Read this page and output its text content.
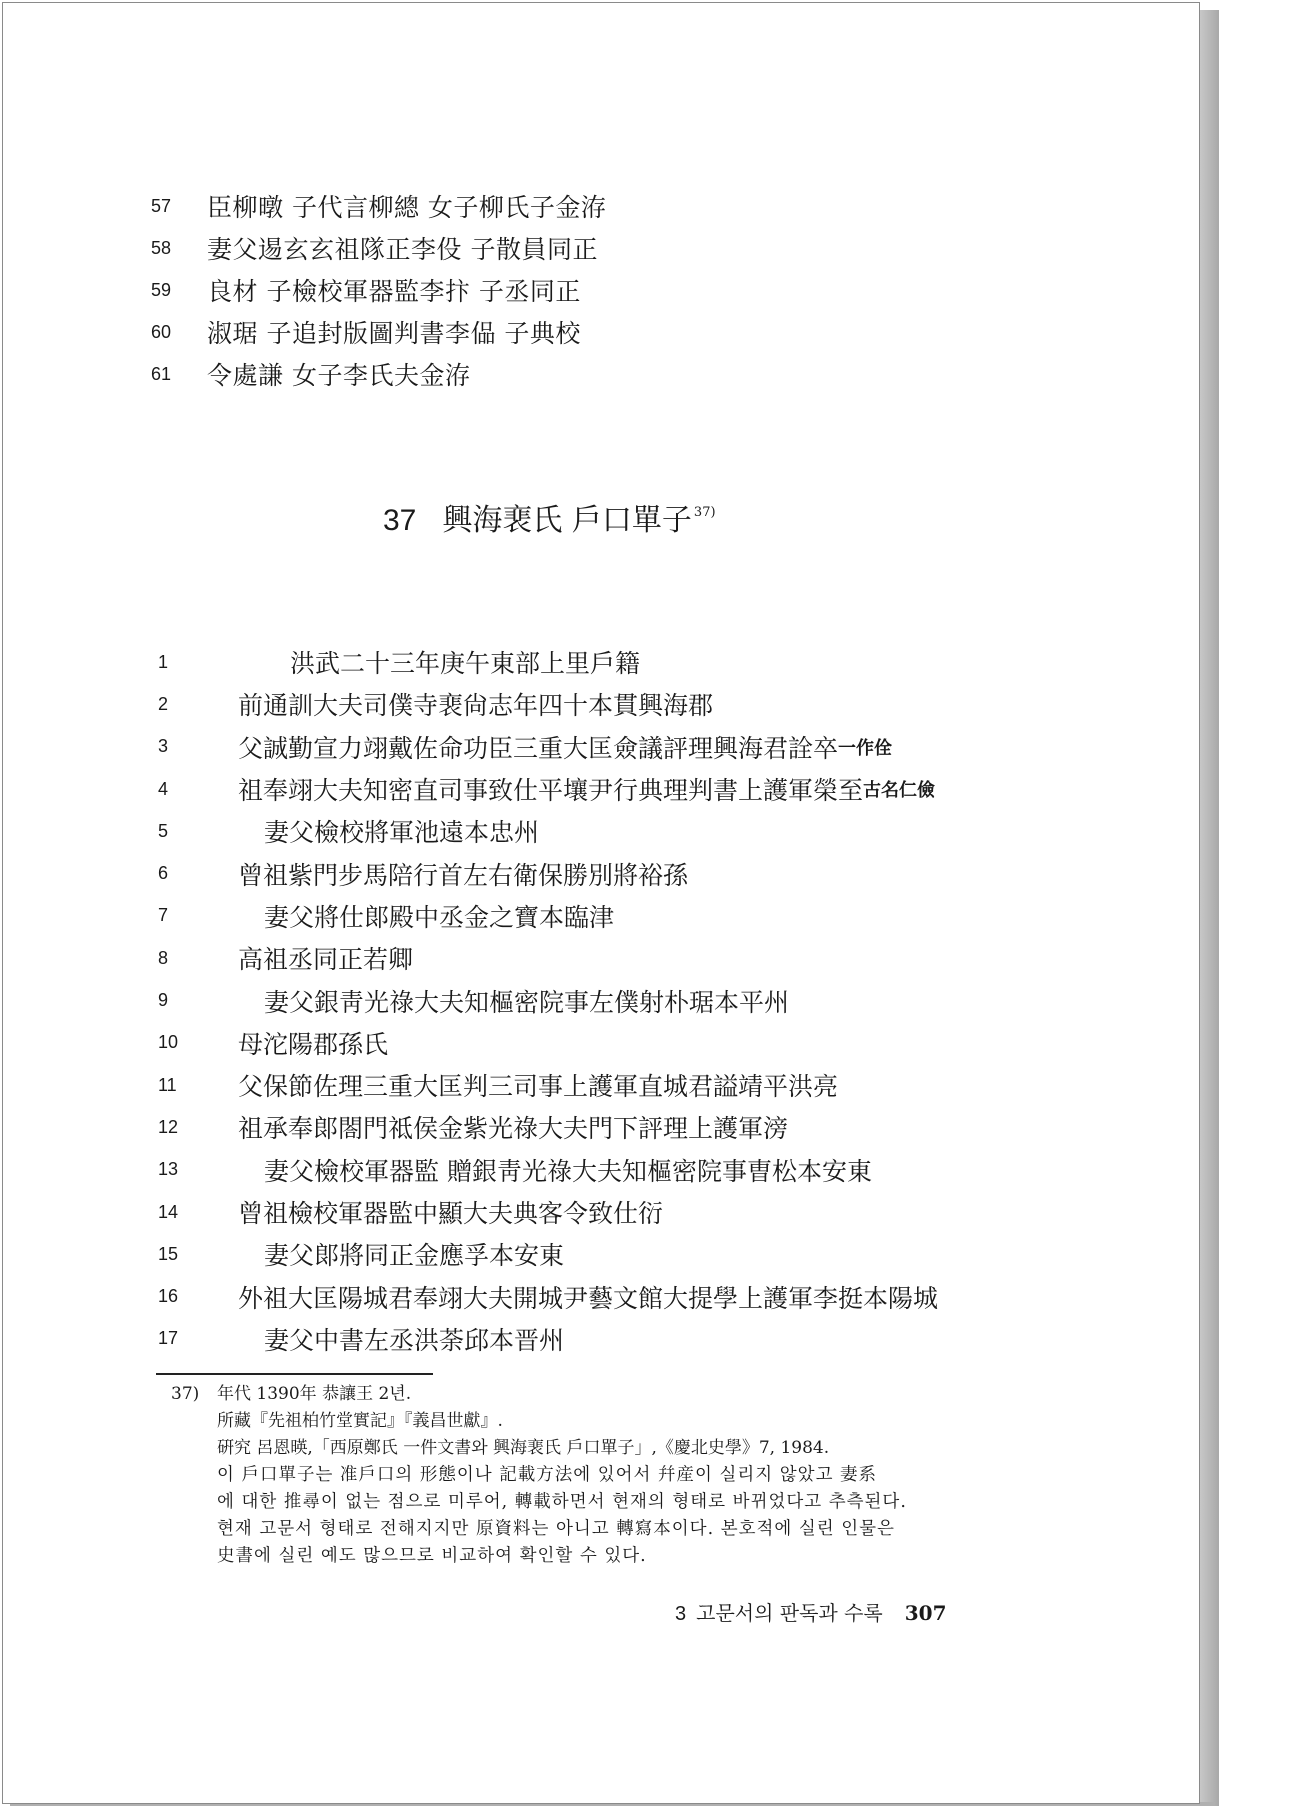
57	臣柳暾 子代言柳總 女子柳氏子金洊
58	妻父逷玄玄祖隊正李伇 子散員同正
59	良材 子檢校軍器監李抃 子丞同正
60	淑琚 子追封版圖判書李偘 子典校
61	令處謙 女子李氏夫金洊
37 興海裵氏 戶口單子 $^{37)}$
1	洪武二十三年庚午東部上里戶籍
2	前通訓大夫司僕寺裵尙志年四十本貫興海郡
3	父誠勤宣力翊戴佐命功臣三重大匡僉議評理興海君詮卒 一作佺
4	祖奉翊大夫知密直司事致仕平壤尹行典理判書上護軍榮至 古名仁儉
5	妻父檢校將軍池遠本忠州
6	曾祖紫門步馬陪行首左右衛保勝別將裕孫
7	妻父將仕郞殿中丞金之寶本臨津
8	高祖丞同正若卿
9	妻父銀靑光祿大夫知樞密院事左僕射朴琚本平州
10	母沱陽郡孫氏
11	父保節佐理三重大匡判三司事上護軍直城君謚靖平洪亮
12	祖承奉郞閤門祗侯金紫光祿大夫門下評理上護軍滂
13	妻父檢校軍器監 贈銀靑光祿大夫知樞密院事曺松本安東
14	曾祖檢校軍器監中顯大夫典客令致仕衍
15	妻父郞將同正金應孚本安東
16	外祖大匡陽城君奉翊大夫開城尹藝文館大提學上護軍李挺本陽城
17	妻父中書左丞洪荼邱本晋州
37) 年代 1390年 恭讓王 2년.
所藏『先祖柏竹堂實記』『義昌世獻』.
硏究 呂恩暎,「西原鄭氏 一件文書와 興海裵氏 戶口單子」,《慶北史學》7, 1984.
이 戶口單子는 准戶口의 形態이나 記載方法에 있어서 幷産이 실리지 않았고 妻系
에 대한 推尋이 없는 점으로 미루어, 轉載하면서 현재의 형태로 바뀌었다고 추측된다.
현재 고문서 형태로 전해지지만 原資料는 아니고 轉寫本이다. 본호적에 실린 인물은
史書에 실린 예도 많으므로 비교하여 확인할 수 있다.
3 고문서의 판독과 수록 307
